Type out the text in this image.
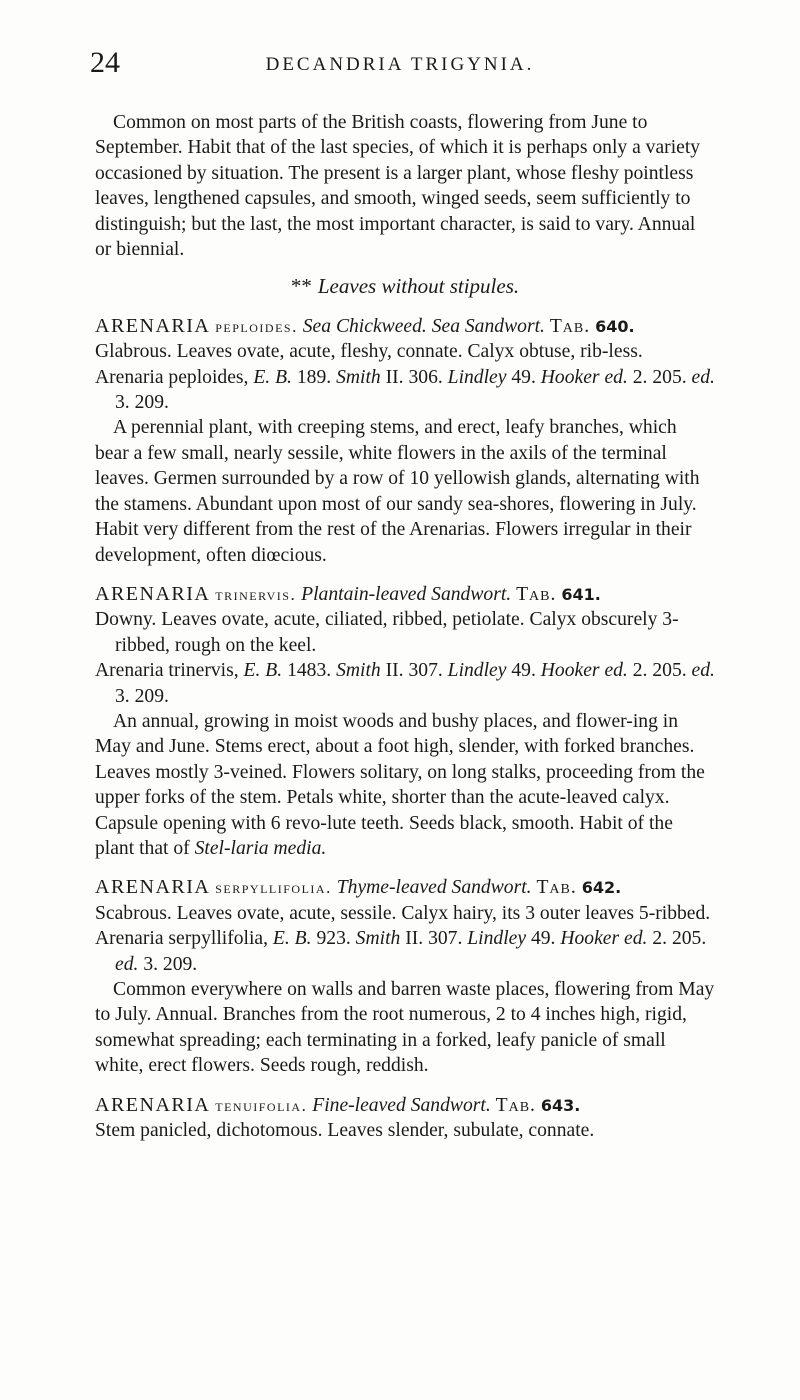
24	DECANDRIA TRIGYNIA.

Common on most parts of the British coasts, flowering from June to September. Habit that of the last species, of which it is perhaps only a variety occasioned by situation. The present is a larger plant, whose fleshy pointless leaves, lengthened capsules, and smooth, winged seeds, seem sufficiently to distinguish; but the last, the most important character, is said to vary. Annual or biennial.

** Leaves without stipules.

ARENARIA peploides. Sea Chickweed. Sea Sandwort. Tab. 640.

Glabrous. Leaves ovate, acute, fleshy, connate. Calyx obtuse, rib-less.

Arenaria peploides, E. B. 189. Smith II. 306. Lindley 49. Hooker ed. 2. 205. ed. 3. 209.

A perennial plant, with creeping stems, and erect, leafy branches, which bear a few small, nearly sessile, white flowers in the axils of the terminal leaves. Germen surrounded by a row of 10 yellowish glands, alternating with the stamens. Abundant upon most of our sandy sea-shores, flowering in July. Habit very different from the rest of the Arenarias. Flowers irregular in their development, often diœcious.

ARENARIA trinervis. Plantain-leaved Sandwort. Tab. 641.

Downy. Leaves ovate, acute, ciliated, ribbed, petiolate. Calyx obscurely 3-ribbed, rough on the keel.

Arenaria trinervis, E. B. 1483. Smith II. 307. Lindley 49. Hooker ed. 2. 205. ed. 3. 209.

An annual, growing in moist woods and bushy places, and flower-ing in May and June. Stems erect, about a foot high, slender, with forked branches. Leaves mostly 3-veined. Flowers solitary, on long stalks, proceeding from the upper forks of the stem. Petals white, shorter than the acute-leaved calyx. Capsule opening with 6 revo-lute teeth. Seeds black, smooth. Habit of the plant that of Stel-laria media.

ARENARIA serpyllifolia. Thyme-leaved Sandwort. Tab. 642.

Scabrous. Leaves ovate, acute, sessile. Calyx hairy, its 3 outer leaves 5-ribbed.

Arenaria serpyllifolia, E. B. 923. Smith II. 307. Lindley 49. Hooker ed. 2. 205. ed. 3. 209.

Common everywhere on walls and barren waste places, flowering from May to July. Annual. Branches from the root numerous, 2 to 4 inches high, rigid, somewhat spreading; each terminating in a forked, leafy panicle of small white, erect flowers. Seeds rough, reddish.

ARENARIA tenuifolia. Fine-leaved Sandwort. Tab. 643.

Stem panicled, dichotomous. Leaves slender, subulate, connate.
